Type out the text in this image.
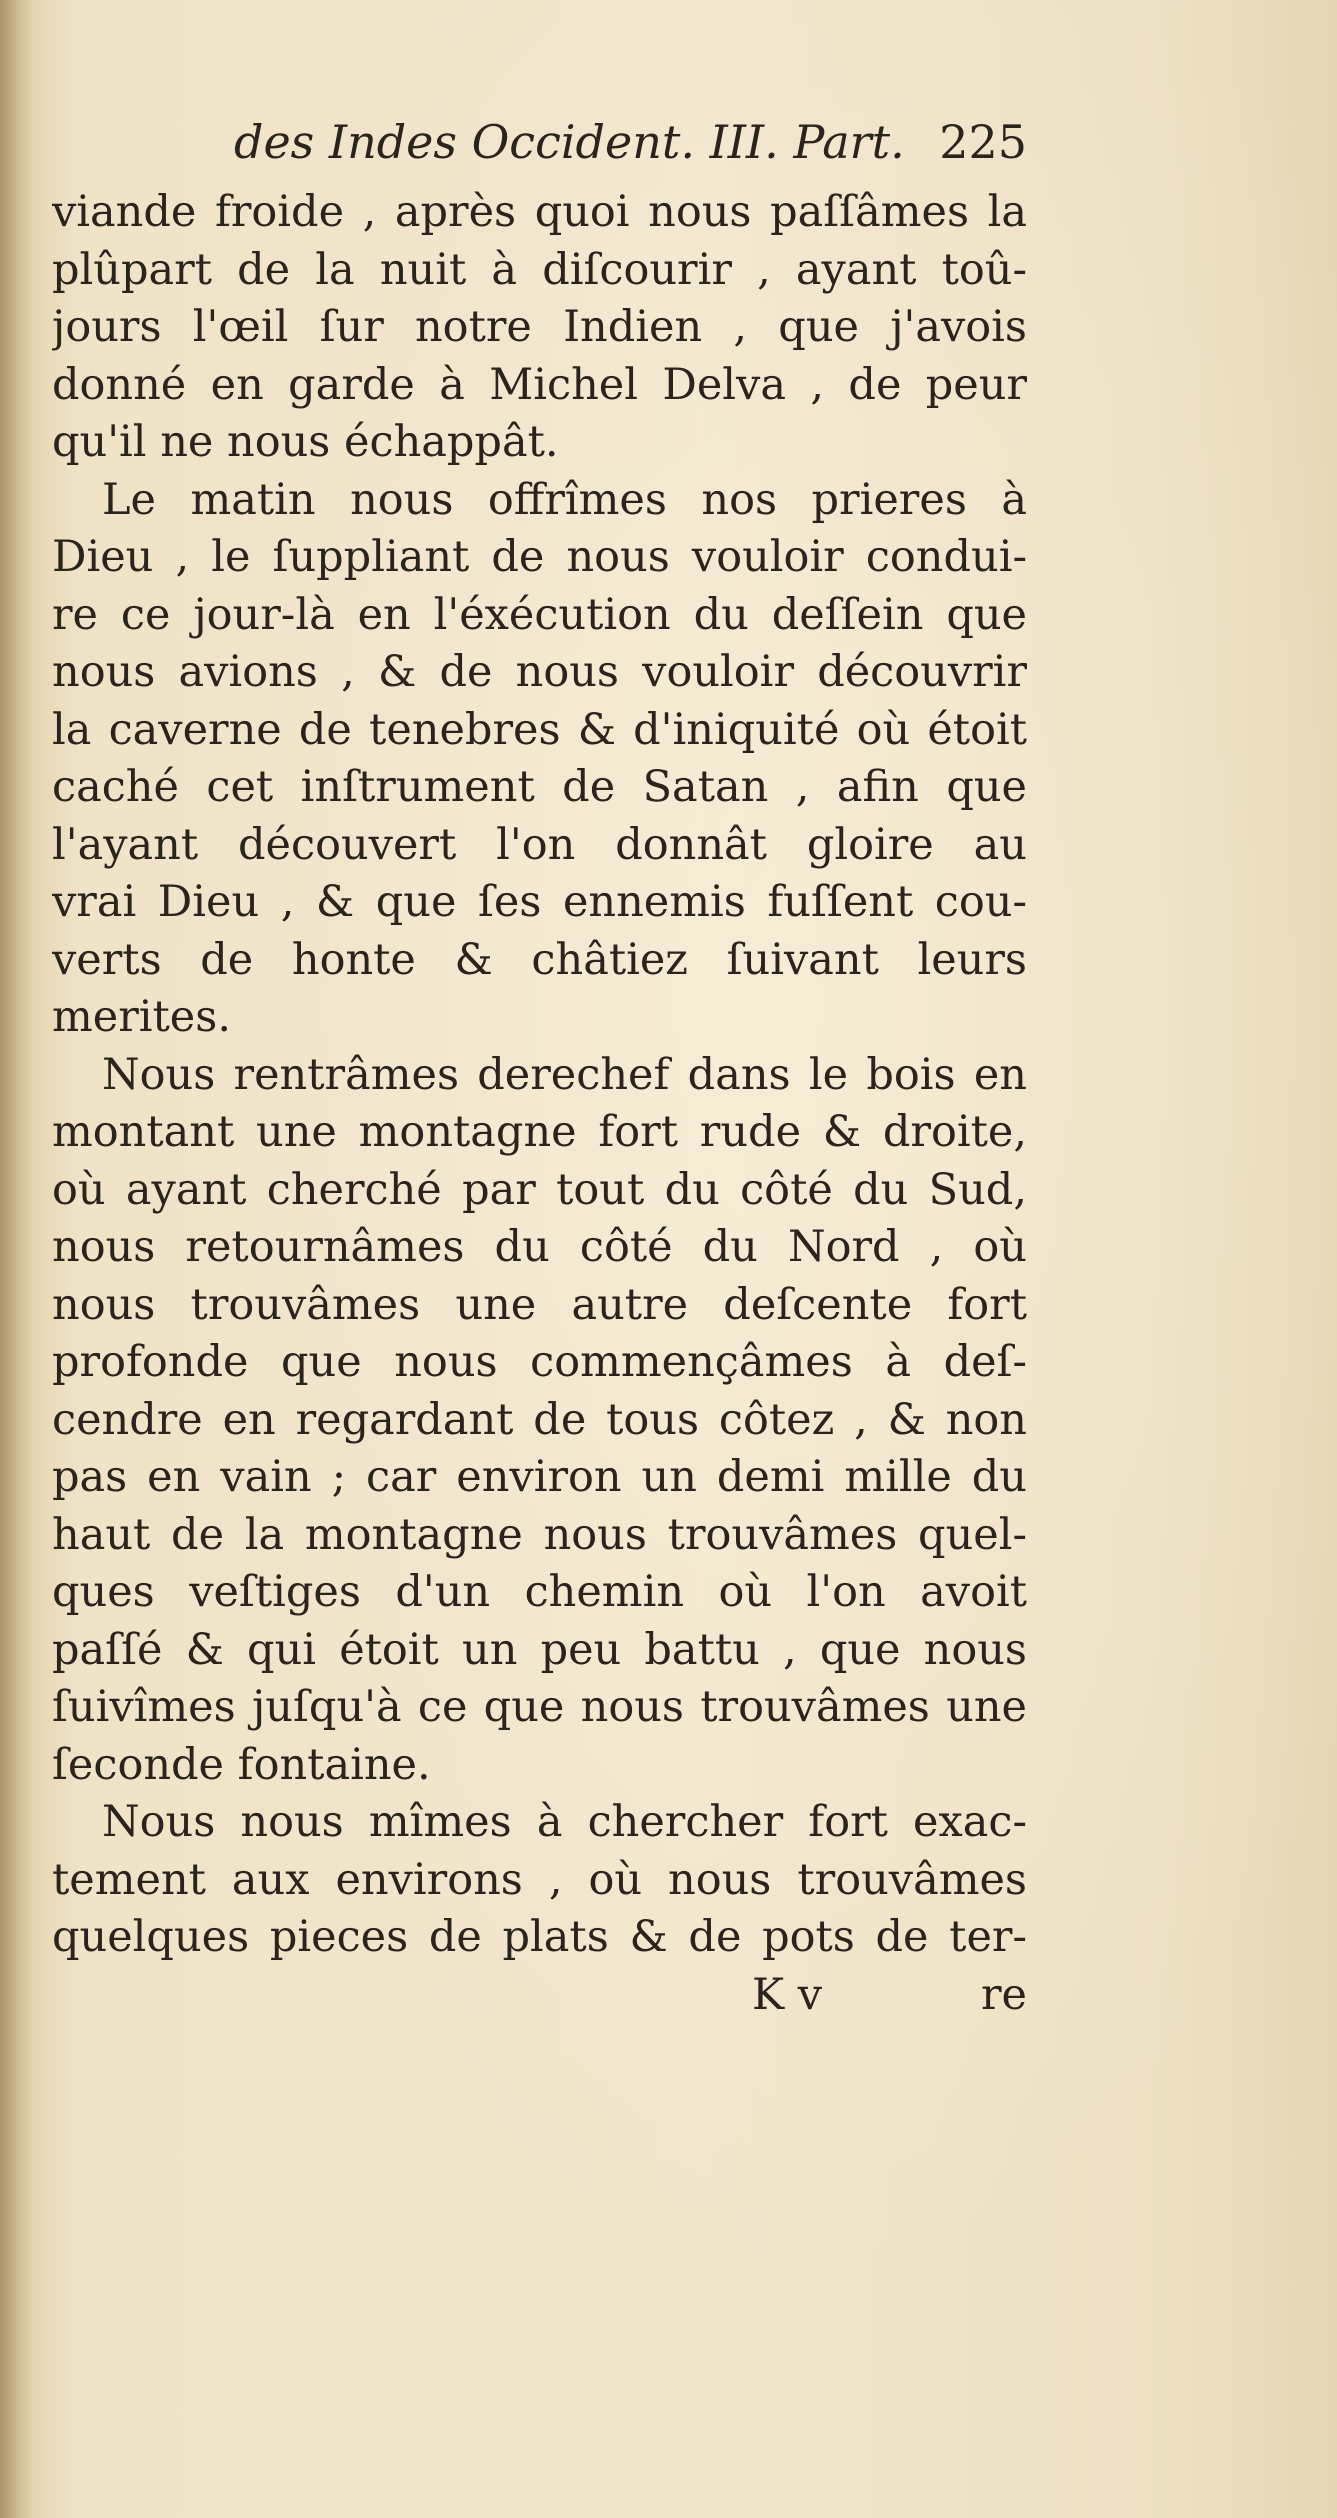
des Indes Occident. III. Part. 225
viande froide , après quoi nous paſſâmes la
plûpart de la nuit à diſcourir , ayant toû-
jours l'œil ſur notre Indien , que j'avois
donné en garde à Michel Delva , de peur
qu'il ne nous échappât.
Le matin nous offrîmes nos prieres à
Dieu , le ſuppliant de nous vouloir condui-
re ce jour-là en l'éxécution du deſſein que
nous avions , & de nous vouloir découvrir
la caverne de tenebres & d'iniquité où étoit
caché cet inſtrument de Satan , afin que
l'ayant découvert l'on donnât gloire au
vrai Dieu , & que ſes ennemis fuſſent cou-
verts de honte & châtiez ſuivant leurs
merites.
Nous rentrâmes derechef dans le bois en
montant une montagne fort rude & droite,
où ayant cherché par tout du côté du Sud,
nous retournâmes du côté du Nord , où
nous trouvâmes une autre deſcente fort
profonde que nous commençâmes à deſ-
cendre en regardant de tous côtez , & non
pas en vain ; car environ un demi mille du
haut de la montagne nous trouvâmes quel-
ques veſtiges d'un chemin où l'on avoit
paſſé & qui étoit un peu battu , que nous
ſuivîmes juſqu'à ce que nous trouvâmes une
ſeconde fontaine.
Nous nous mîmes à chercher fort exac-
tement aux environs , où nous trouvâmes
quelques pieces de plats & de pots de ter-
K v	re
